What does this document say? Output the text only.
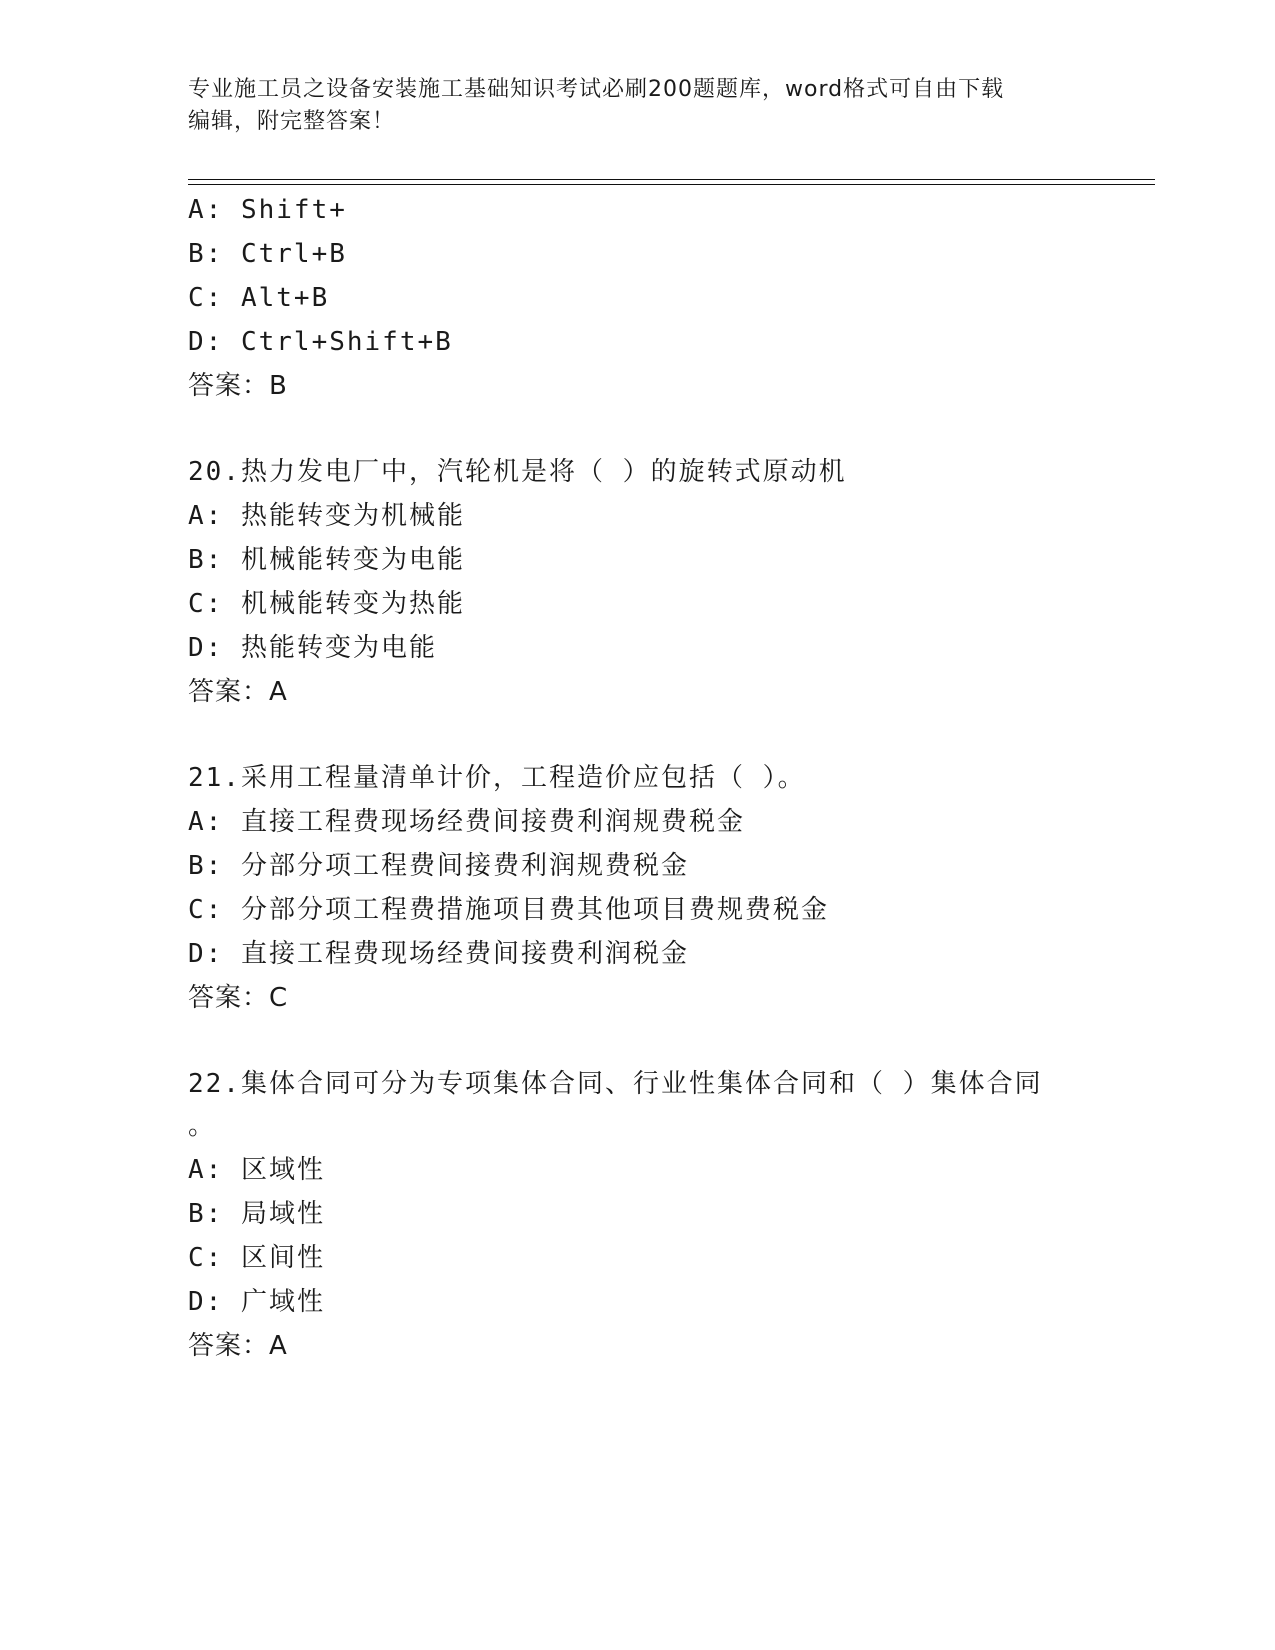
专业施工员之设备安装施工基础知识考试必刷200题题库，word格式可自由下载
编辑，附完整答案！
A: Shift+
B: Ctrl+B
C: Alt+B
D: Ctrl+Shift+B
答案：B
20.热力发电厂中，汽轮机是将（ ）的旋转式原动机
A: 热能转变为机械能
B: 机械能转变为电能
C: 机械能转变为热能
D: 热能转变为电能
答案：A
21.采用工程量清单计价，工程造价应包括（ ）。
A: 直接工程费现场经费间接费利润规费税金
B: 分部分项工程费间接费利润规费税金
C: 分部分项工程费措施项目费其他项目费规费税金
D: 直接工程费现场经费间接费利润税金
答案：C
22.集体合同可分为专项集体合同、行业性集体合同和（ ）集体合同
。
A: 区域性
B: 局域性
C: 区间性
D: 广域性
答案：A
